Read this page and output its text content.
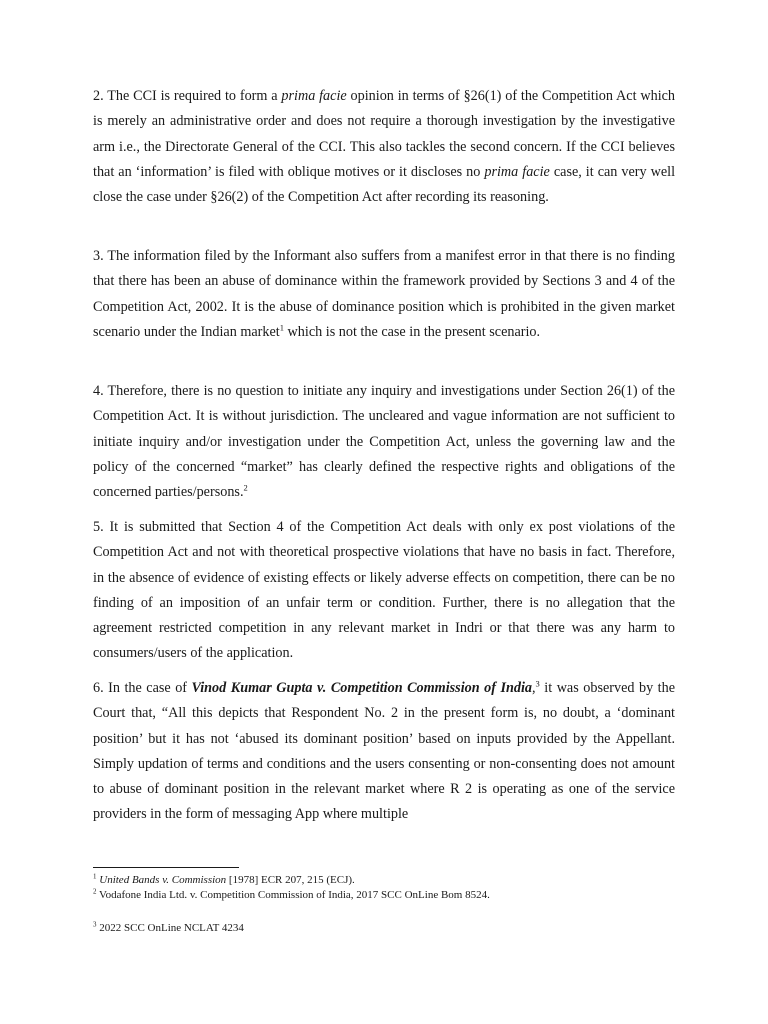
2. The CCI is required to form a prima facie opinion in terms of §26(1) of the Competition Act which is merely an administrative order and does not require a thorough investigation by the investigative arm i.e., the Directorate General of the CCI. This also tackles the second concern. If the CCI believes that an ‘information’ is filed with oblique motives or it discloses no prima facie case, it can very well close the case under §26(2) of the Competition Act after recording its reasoning.

3. The information filed by the Informant also suffers from a manifest error in that there is no finding that there has been an abuse of dominance within the framework provided by Sections 3 and 4 of the Competition Act, 2002. It is the abuse of dominance position which is prohibited in the given market scenario under the Indian market$^1$ which is not the case in the present scenario.

4. Therefore, there is no question to initiate any inquiry and investigations under Section 26(1) of the Competition Act. It is without jurisdiction. The uncleared and vague information are not sufficient to initiate inquiry and/or investigation under the Competition Act, unless the governing law and the policy of the concerned “market” has clearly defined the respective rights and obligations of the concerned parties/persons.$^2$

5. It is submitted that Section 4 of the Competition Act deals with only ex post violations of the Competition Act and not with theoretical prospective violations that have no basis in fact. Therefore, in the absence of evidence of existing effects or likely adverse effects on competition, there can be no finding of an imposition of an unfair term or condition. Further, there is no allegation that the agreement restricted competition in any relevant market in Indri or that there was any harm to consumers/users of the application.

6. In the case of Vinod Kumar Gupta v. Competition Commission of India,$^3$ it was observed by the Court that, “All this depicts that Respondent No. 2 in the present form is, no doubt, a ‘dominant position’ but it has not ‘abused its dominant position’ based on inputs provided by the Appellant. Simply updation of terms and conditions and the users consenting or non-consenting does not amount to abuse of dominant position in the relevant market where R 2 is operating as one of the service providers in the form of messaging App where multiple

$^1$ United Bands v. Commission [1978] ECR 207, 215 (ECJ).

$^2$ Vodafone India Ltd. v. Competition Commission of India, 2017 SCC OnLine Bom 8524.

$^3$ 2022 SCC OnLine NCLAT 4234
